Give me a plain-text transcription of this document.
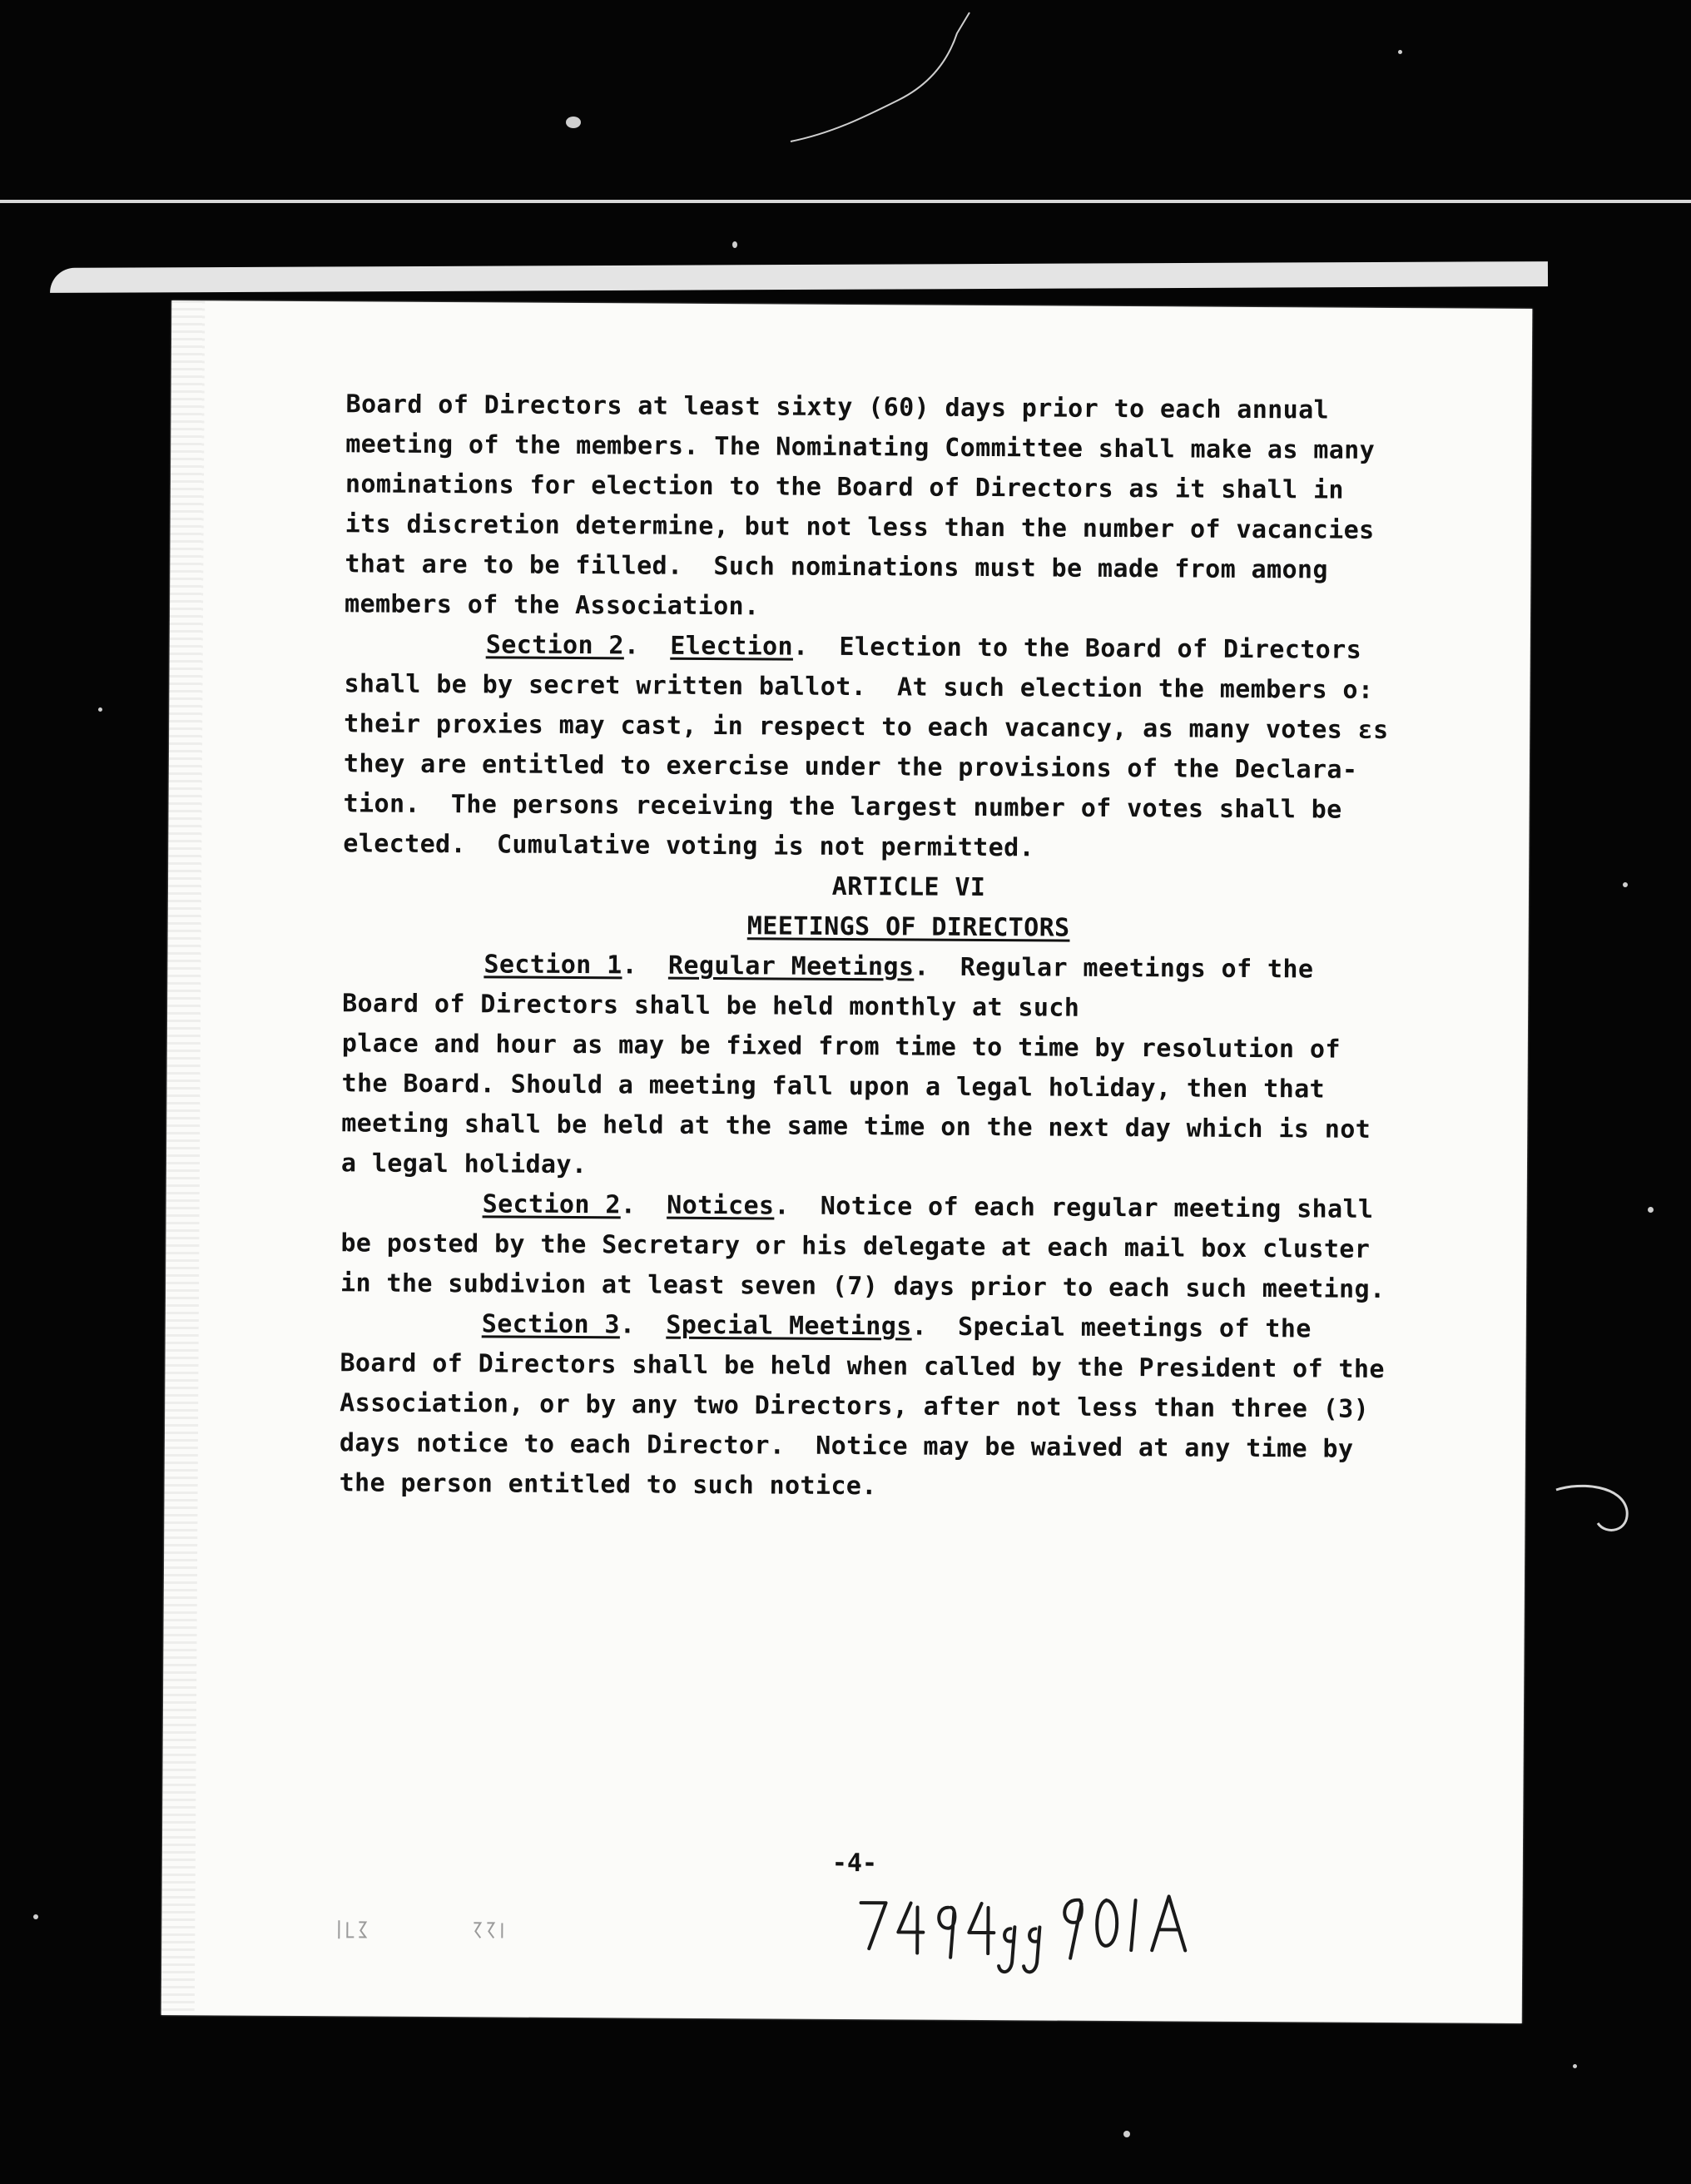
Board of Directors at least sixty (60) days prior to each annual
meeting of the members. The Nominating Committee shall make as many
nominations for election to the Board of Directors as it shall in
its discretion determine, but not less than the number of vacancies
that are to be filled.  Such nominations must be made from among
members of the Association.
Section 2.  Election.  Election to the Board of Directors
shall be by secret written ballot.  At such election the members o:
their proxies may cast, in respect to each vacancy, as many votes ɛs
they are entitled to exercise under the provisions of the Declara-
tion.  The persons receiving the largest number of votes shall be
elected.  Cumulative voting is not permitted.
ARTICLE VI
MEETINGS OF DIRECTORS
Section 1.  Regular Meetings.  Regular meetings of the
Board of Directors shall be held monthly at such
place and hour as may be fixed from time to time by resolution of
the Board. Should a meeting fall upon a legal holiday, then that
meeting shall be held at the same time on the next day which is not
a legal holiday.
Section 2.  Notices.  Notice of each regular meeting shall
be posted by the Secretary or his delegate at each mail box cluster
in the subdivion at least seven (7) days prior to each such meeting.
Section 3.  Special Meetings.  Special meetings of the
Board of Directors shall be held when called by the President of the
Association, or by any two Directors, after not less than three (3)
days notice to each Director.  Notice may be waived at any time by
the person entitled to such notice.
-4-
